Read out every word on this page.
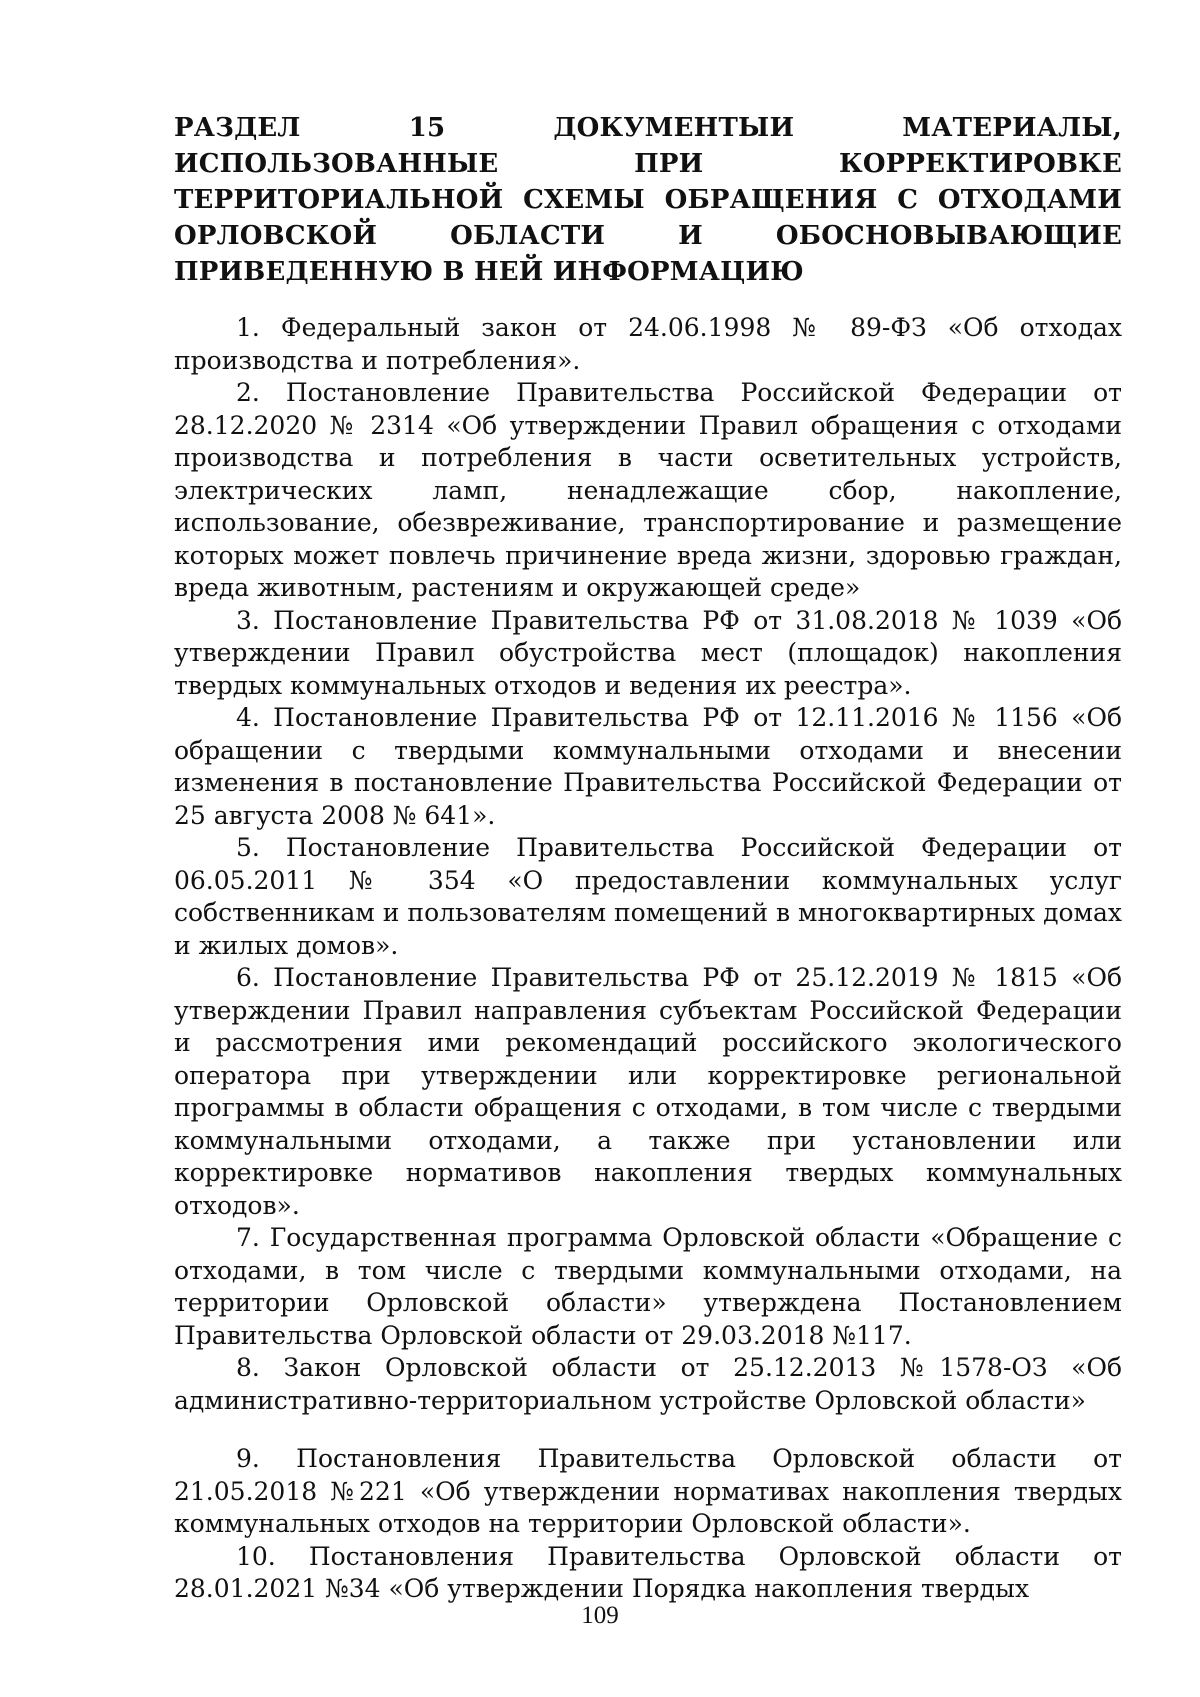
РАЗДЕЛ 15 ДОКУМЕНТЫИ МАТЕРИАЛЫ, ИСПОЛЬЗОВАННЫЕ ПРИ КОРРЕКТИРОВКЕ ТЕРРИТОРИАЛЬНОЙ СХЕМЫ ОБРАЩЕНИЯ С ОТХОДАМИ ОРЛОВСКОЙ ОБЛАСТИ И ОБОСНОВЫВАЮЩИЕ ПРИВЕДЕННУЮ В НЕЙ ИНФОРМАЦИЮ

1. Федеральный закон от 24.06.1998 № 89-ФЗ «Об отходах производства и потребления».

2. Постановление Правительства Российской Федерации от 28.12.2020 № 2314 «Об утверждении Правил обращения с отходами производства и потребления в части осветительных устройств, электрических ламп, ненадлежащие сбор, накопление, использование, обезвреживание, транспортирование и размещение которых может повлечь причинение вреда жизни, здоровью граждан, вреда животным, растениям и окружающей среде»

3. Постановление Правительства РФ от 31.08.2018 № 1039 «Об утверждении Правил обустройства мест (площадок) накопления твердых коммунальных отходов и ведения их реестра».

4. Постановление Правительства РФ от 12.11.2016 № 1156 «Об обращении с твердыми коммунальными отходами и внесении изменения в постановление Правительства Российской Федерации от 25 августа 2008 № 641».

5. Постановление Правительства Российской Федерации от 06.05.2011 № 354 «О предоставлении коммунальных услуг собственникам и пользователям помещений в многоквартирных домах и жилых домов».

6. Постановление Правительства РФ от 25.12.2019 № 1815 «Об утверждении Правил направления субъектам Российской Федерации и рассмотрения ими рекомендаций российского экологического оператора при утверждении или корректировке региональной программы в области обращения с отходами, в том числе с твердыми коммунальными отходами, а также при установлении или корректировке нормативов накопления твердых коммунальных отходов».

7. Государственная программа Орловской области «Обращение с отходами, в том числе с твердыми коммунальными отходами, на территории Орловской области» утверждена Постановлением Правительства Орловской области от 29.03.2018 №117.

8. Закон Орловской области от 25.12.2013 №1578-ОЗ «Об административно-территориальном устройстве Орловской области»

9. Постановления Правительства Орловской области от 21.05.2018 №221 «Об утверждении нормативах накопления твердых коммунальных отходов на территории Орловской области».

10. Постановления Правительства Орловской области от 28.01.2021 №34 «Об утверждении Порядка накопления твердых

109
